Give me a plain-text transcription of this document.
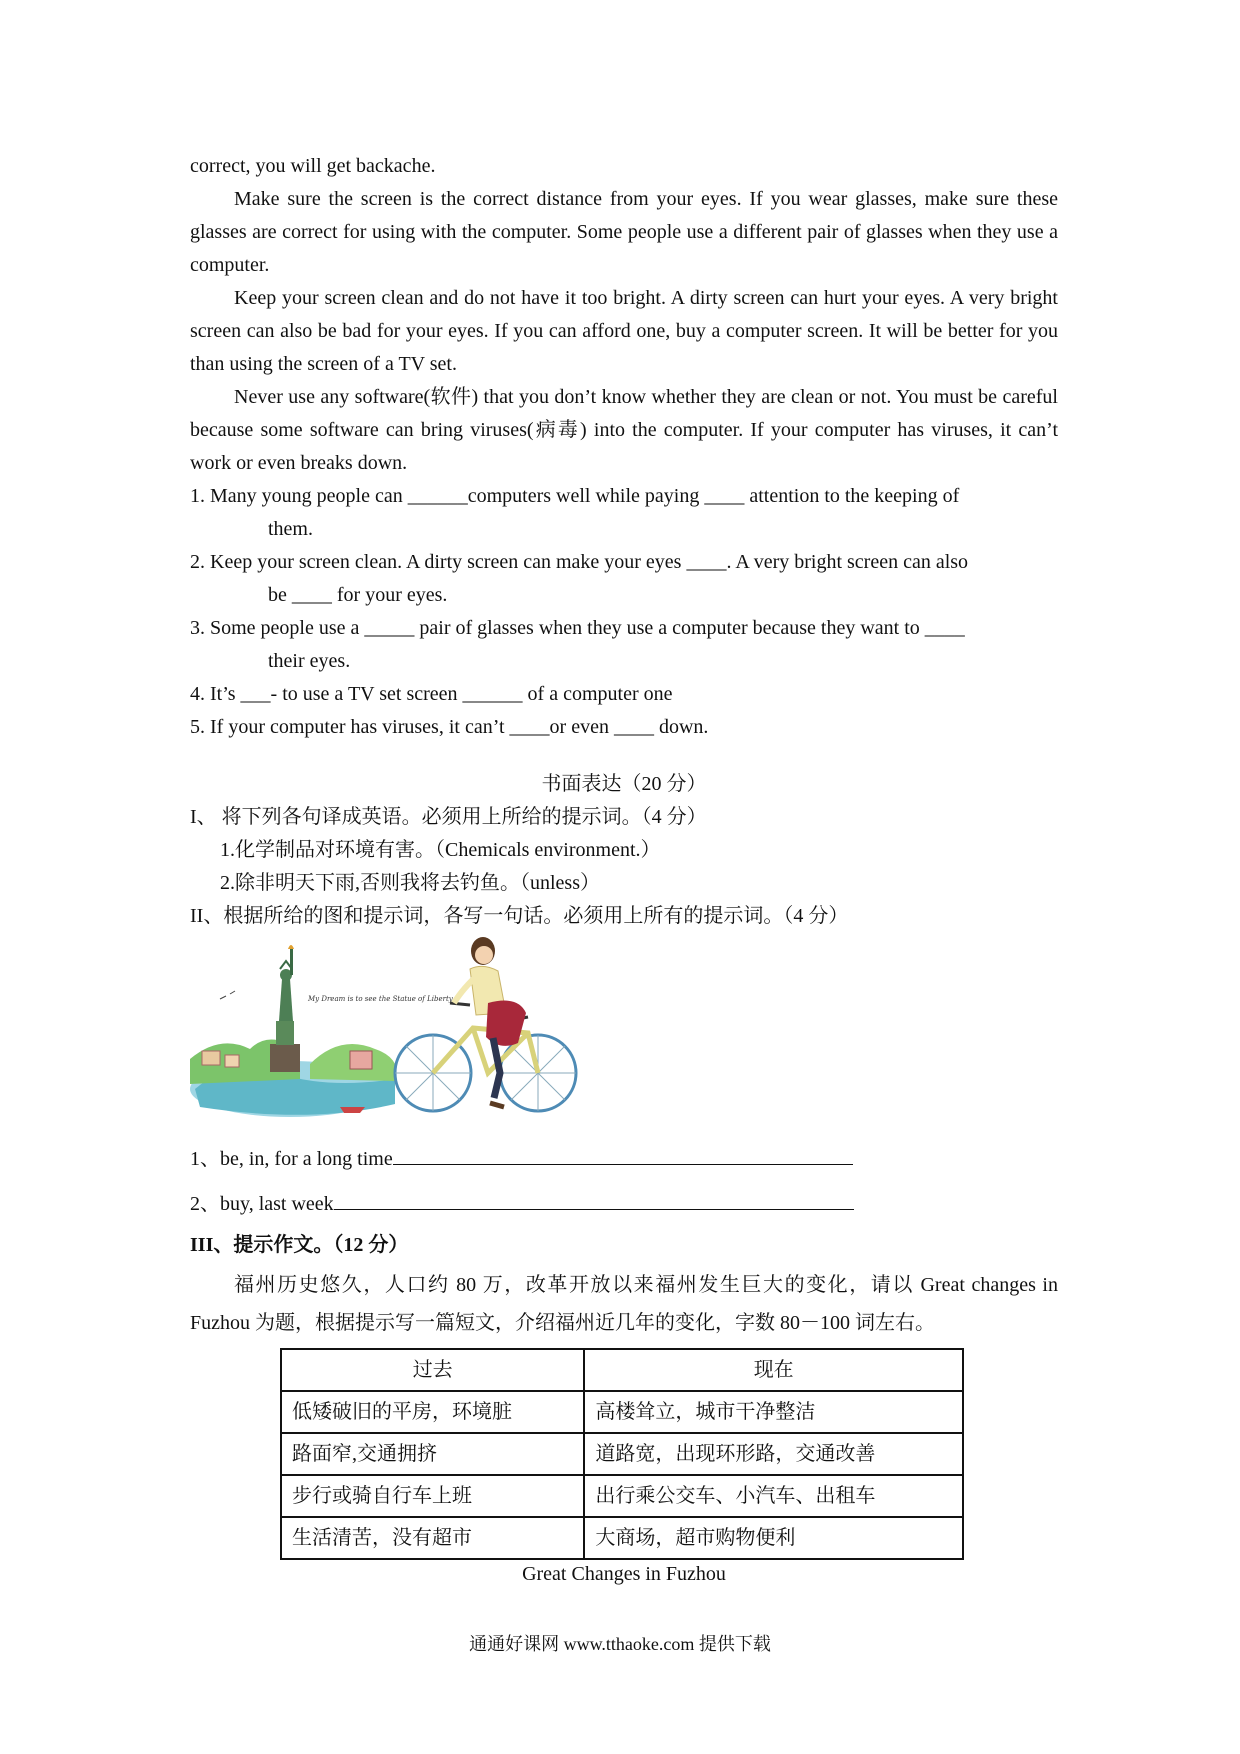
correct, you will get backache.

Make sure the screen is the correct distance from your eyes. If you wear glasses, make sure these glasses are correct for using with the computer. Some people use a different pair of glasses when they use a computer.

Keep your screen clean and do not have it too bright. A dirty screen can hurt your eyes. A very bright screen can also be bad for your eyes. If you can afford one, buy a computer screen. It will be better for you than using the screen of a TV set.

Never use any software(软件) that you don’t know whether they are clean or not. You must be careful because some software can bring viruses(病毒) into the computer. If your computer has viruses, it can’t work or even breaks down.

1. Many young people can ______computers well while paying ____ attention to the keeping of

them.

2. Keep your screen clean. A dirty screen can make your eyes ____. A very bright screen can also

be ____ for your eyes.

3. Some people use a _____ pair of glasses when they use a computer because they want to ____

their eyes.

4. It’s ___- to use a TV set screen ______ of a computer one

5. If your computer has viruses, it can’t ____or even ____ down.

书面表达（20 分）

I、 将下列各句译成英语。必须用上所给的提示词。（4 分）

1.化学制品对环境有害。（Chemicals environment.）

2.除非明天下雨,否则我将去钓鱼。（unless）

II、根据所给的图和提示词，各写一句话。必须用上所有的提示词。（4 分）

My Dream is to see the Statue of Liberty

1、be, in, for a long time

2、buy, last week

III、提示作文。（12 分）

福州历史悠久，人口约 80 万，改革开放以来福州发生巨大的变化，请以 Great changes in Fuzhou 为题，根据提示写一篇短文，介绍福州近几年的变化，字数 80－100 词左右。

过去	现在
低矮破旧的平房，环境脏	高楼耸立，城市干净整洁
路面窄,交通拥挤	道路宽，出现环形路，交通改善
步行或骑自行车上班	出行乘公交车、小汽车、出租车
生活清苦，没有超市	大商场，超市购物便利

Great Changes in Fuzhou

通通好课网 www.tthaoke.com 提供下载
